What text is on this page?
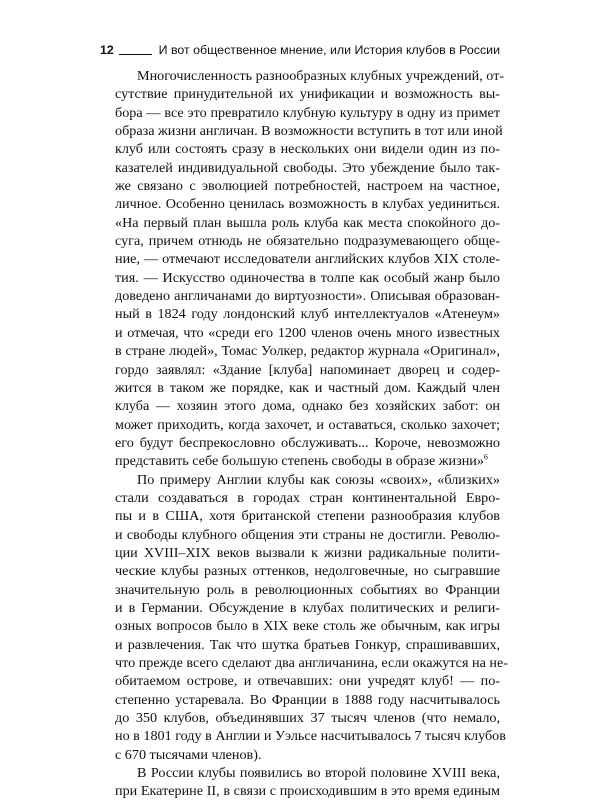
12	И вот общественное мнение, или История клубов в России
Многочисленность разнообразных клубных учреждений, от-
сутствие принудительной их унификации и возможность вы-
бора — все это превратило клубную культуру в одну из примет
образа жизни англичан. В возможности вступить в тот или иной
клуб или состоять сразу в нескольких они видели один из по-
казателей индивидуальной свободы. Это убеждение было так-
же связано с эволюцией потребностей, настроем на частное,
личное. Особенно ценилась возможность в клубах уединиться.
«На первый план вышла роль клуба как места спокойного до-
суга, причем отнюдь не обязательно подразумевающего обще-
ние, — отмечают исследователи английских клубов XIX столе-
тия. — Искусство одиночества в толпе как особый жанр было
доведено англичанами до виртуозности». Описывая образован-
ный в 1824 году лондонский клуб интеллектуалов «Атенеум»
и отмечая, что «среди его 1200 членов очень много известных
в стране людей», Томас Уолкер, редактор журнала «Оригинал»,
гордо заявлял: «Здание [клуба] напоминает дворец и содер-
жится в таком же порядке, как и частный дом. Каждый член
клуба — хозяин этого дома, однако без хозяйских забот: он
может приходить, когда захочет, и оставаться, сколько захочет;
его будут беспрекословно обслуживать... Короче, невозможно
представить себе большую степень свободы в образе жизни»$^6$
По примеру Англии клубы как союзы «своих», «близких»
стали создаваться в городах стран континентальной Евро-
пы и в США, хотя британской степени разнообразия клубов
и свободы клубного общения эти страны не достигли. Револю-
ции XVIII–XIX веков вызвали к жизни радикальные полити-
ческие клубы разных оттенков, недолговечные, но сыгравшие
значительную роль в революционных событиях во Франции
и в Германии. Обсуждение в клубах политических и религи-
озных вопросов было в XIX веке столь же обычным, как игры
и развлечения. Так что шутка братьев Гонкур, спрашивавших,
что прежде всего сделают два англичанина, если окажутся на не-
обитаемом острове, и отвечавших: они учредят клуб! — по-
степенно устаревала. Во Франции в 1888 году насчитывалось
до 350 клубов, объединявших 37 тысяч членов (что немало,
но в 1801 году в Англии и Уэльсе насчитывалось 7 тысяч клубов
с 670 тысячами членов).
В России клубы появились во второй половине XVIII века,
при Екатерине II, в связи с происходившим в это время единым
